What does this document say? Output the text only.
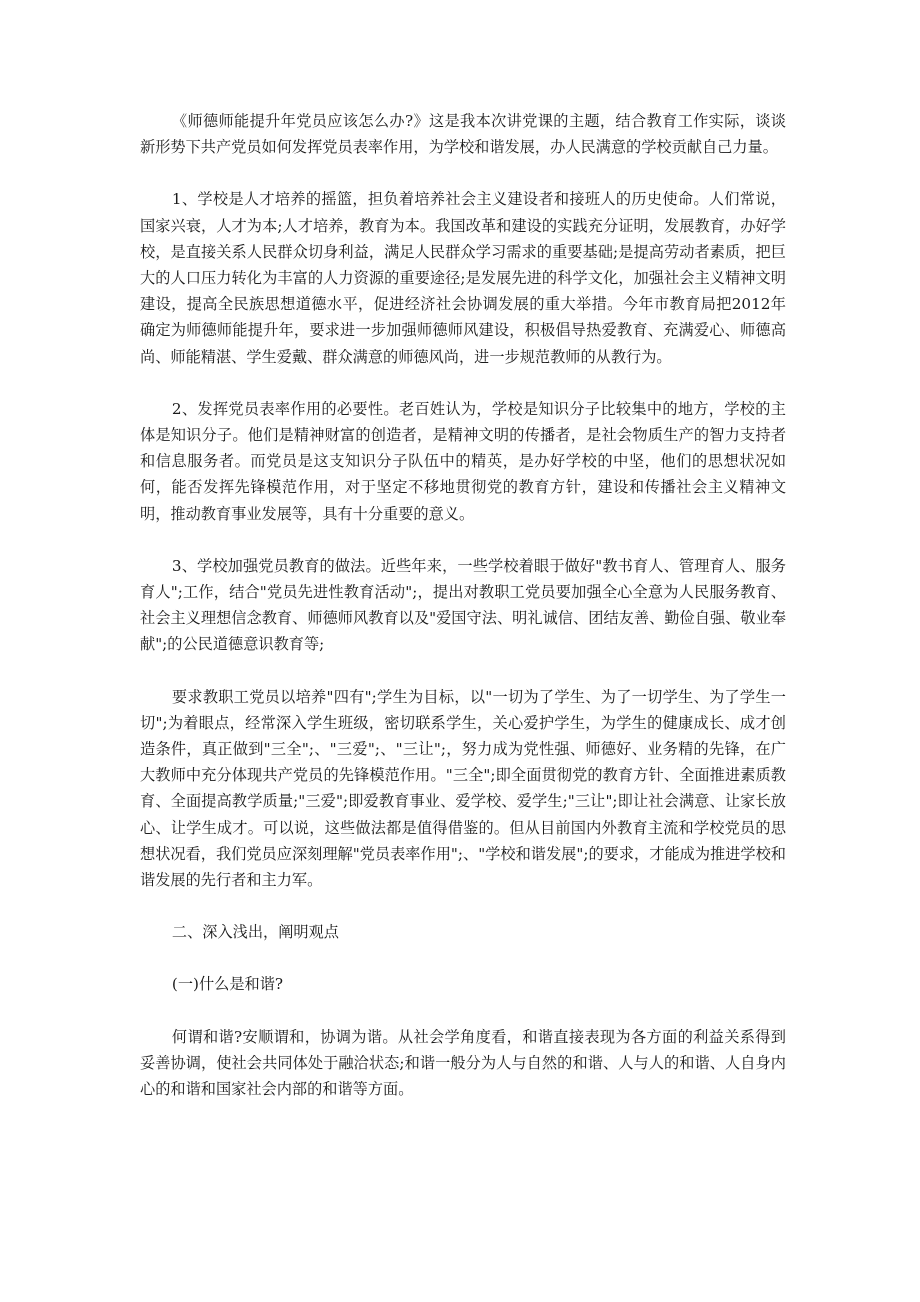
《师德师能提升年党员应该怎么办?》这是我本次讲党课的主题，结合教育工作实际，谈谈新形势下共产党员如何发挥党员表率作用，为学校和谐发展，办人民满意的学校贡献自己力量。

1、学校是人才培养的摇篮，担负着培养社会主义建设者和接班人的历史使命。人们常说，国家兴衰，人才为本;人才培养，教育为本。我国改革和建设的实践充分证明，发展教育，办好学校，是直接关系人民群众切身利益，满足人民群众学习需求的重要基础;是提高劳动者素质，把巨大的人口压力转化为丰富的人力资源的重要途径;是发展先进的科学文化，加强社会主义精神文明建设，提高全民族思想道德水平，促进经济社会协调发展的重大举措。今年市教育局把2012年确定为师德师能提升年，要求进一步加强师德师风建设，积极倡导热爱教育、充满爱心、师德高尚、师能精湛、学生爱戴、群众满意的师德风尚，进一步规范教师的从教行为。

2、发挥党员表率作用的必要性。老百姓认为，学校是知识分子比较集中的地方，学校的主体是知识分子。他们是精神财富的创造者，是精神文明的传播者，是社会物质生产的智力支持者和信息服务者。而党员是这支知识分子队伍中的精英，是办好学校的中坚，他们的思想状况如何，能否发挥先锋模范作用，对于坚定不移地贯彻党的教育方针，建设和传播社会主义精神文明，推动教育事业发展等，具有十分重要的意义。

3、学校加强党员教育的做法。近些年来，一些学校着眼于做好"教书育人、管理育人、服务育人";工作，结合"党员先进性教育活动";，提出对教职工党员要加强全心全意为人民服务教育、社会主义理想信念教育、师德师风教育以及"爱国守法、明礼诚信、团结友善、勤俭自强、敬业奉献";的公民道德意识教育等;

要求教职工党员以培养"四有";学生为目标，以"一切为了学生、为了一切学生、为了学生一切";为着眼点，经常深入学生班级，密切联系学生，关心爱护学生，为学生的健康成长、成才创造条件，真正做到"三全";、"三爱";、"三让";，努力成为党性强、师德好、业务精的先锋，在广大教师中充分体现共产党员的先锋模范作用。"三全";即全面贯彻党的教育方针、全面推进素质教育、全面提高教学质量;"三爱";即爱教育事业、爱学校、爱学生;"三让";即让社会满意、让家长放心、让学生成才。可以说，这些做法都是值得借鉴的。但从目前国内外教育主流和学校党员的思想状况看，我们党员应深刻理解"党员表率作用";、"学校和谐发展";的要求，才能成为推进学校和谐发展的先行者和主力军。

二、深入浅出，阐明观点

(一)什么是和谐?

何谓和谐?安顺谓和，协调为谐。从社会学角度看，和谐直接表现为各方面的利益关系得到妥善协调，使社会共同体处于融洽状态;和谐一般分为人与自然的和谐、人与人的和谐、人自身内心的和谐和国家社会内部的和谐等方面。
